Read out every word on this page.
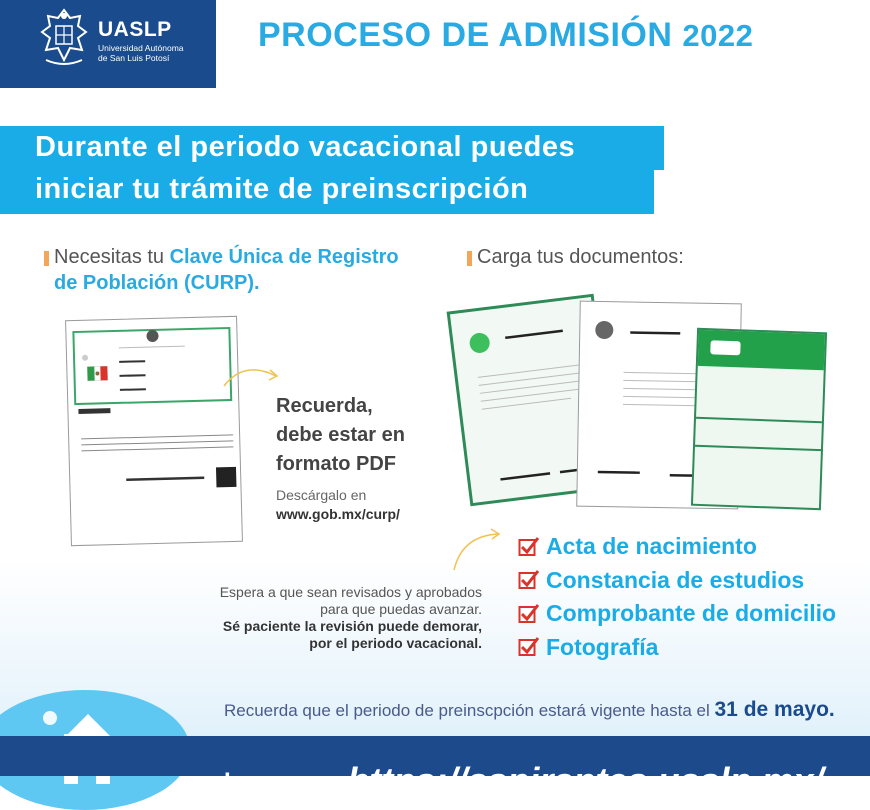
UASLP
Universidad Autónoma
de San Luis Potosí
PROCESO DE ADMISIÓN 2022
Durante el periodo vacacional puedes
iniciar tu trámite de preinscripción
Necesitas tu Clave Única de Registro
de Población (CURP).
Recuerda,
debe estar en
formato PDF
Descárgalo en
www.gob.mx/curp/
Carga tus documentos:
Acta de nacimiento
Constancia de estudios
Comprobante de domicilio
Fotografía
Espera a que sean revisados y aprobados
para que puedas avanzar.
Sé paciente la revisión puede demorar,
por el periodo vacacional.
Recuerda que el periodo de preinscpción estará vigente hasta el 31 de mayo.
Ingresa a: https://aspirantes.uaslp.mx/
